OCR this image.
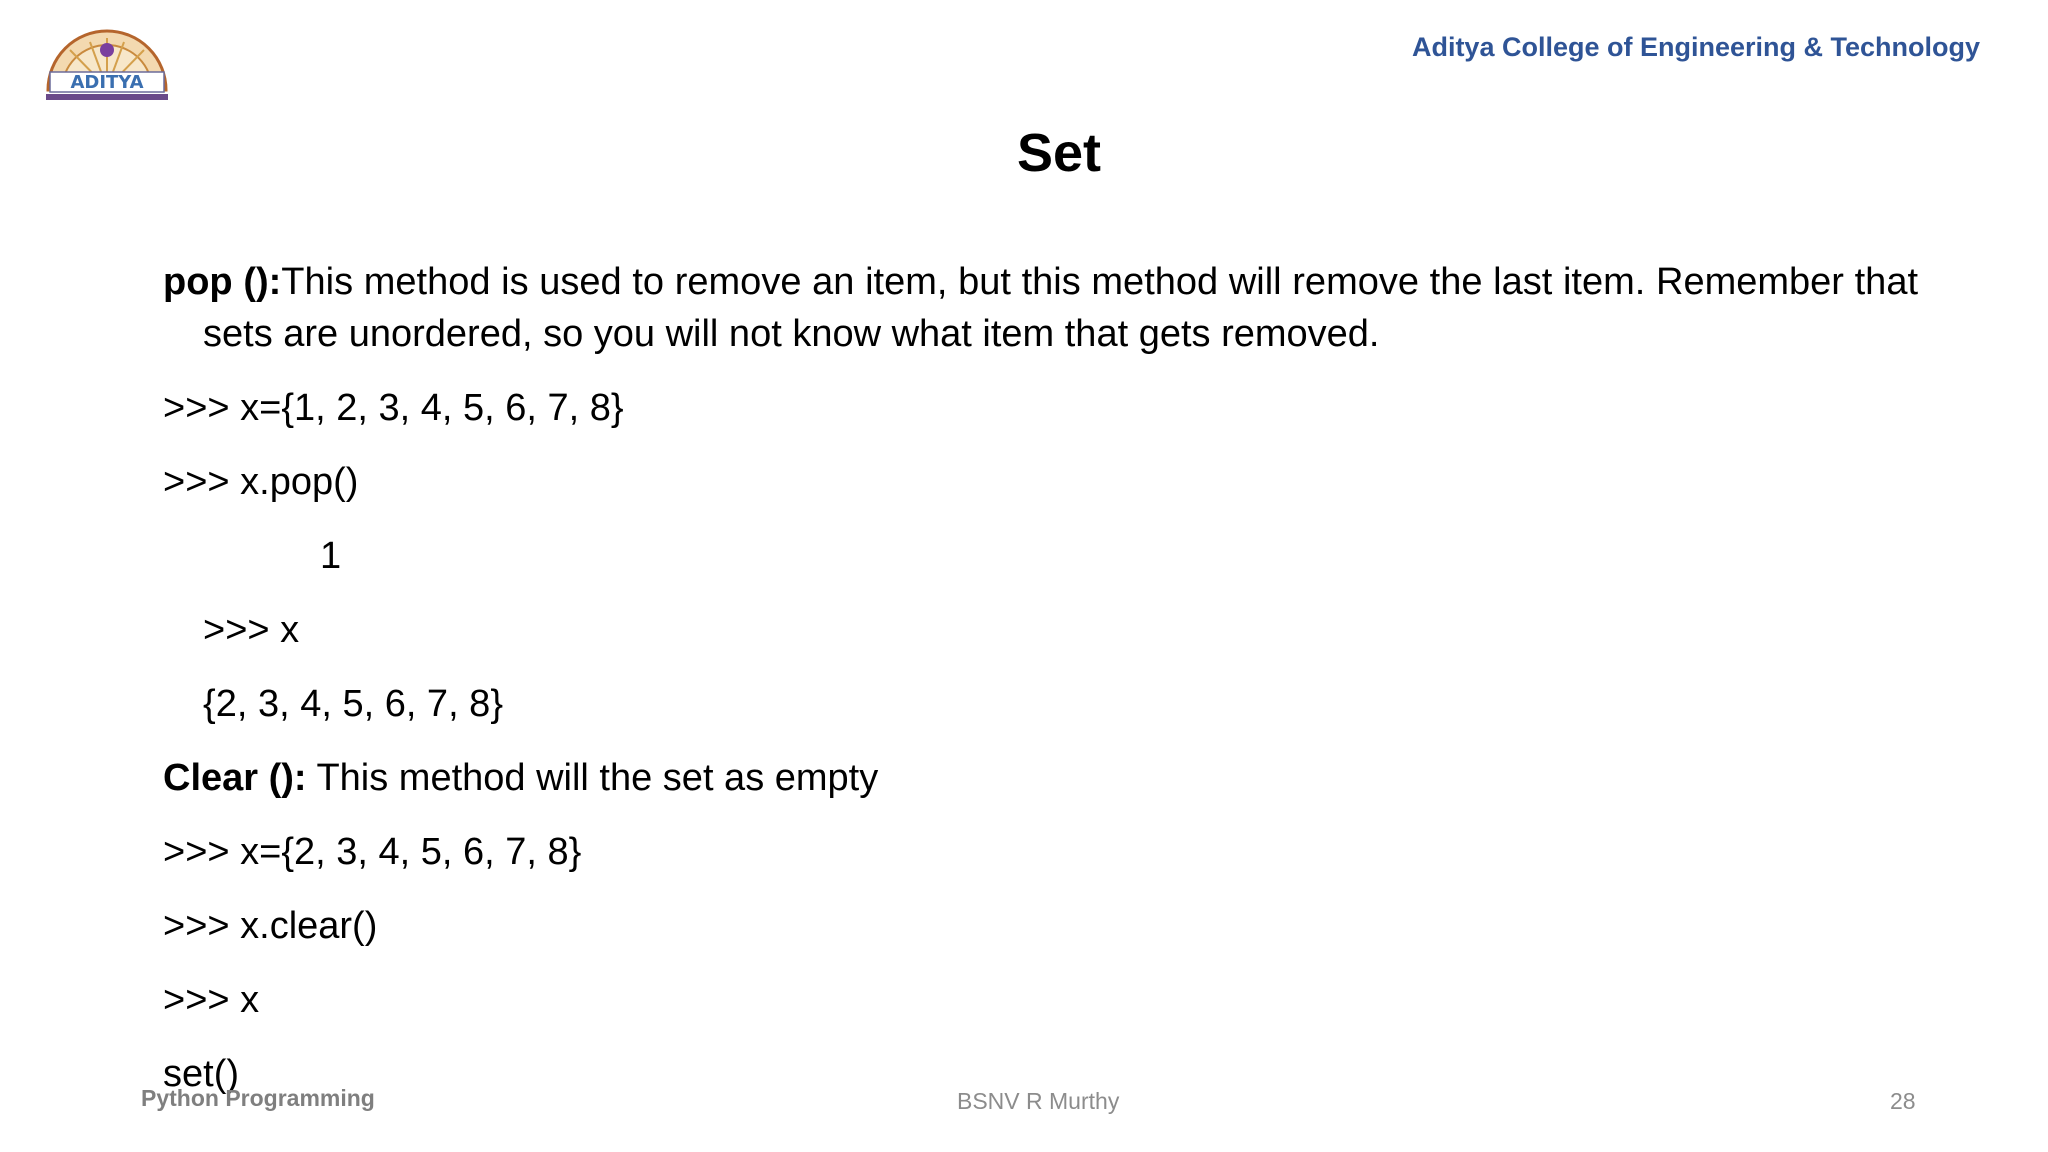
ADITYA
Aditya College of Engineering & Technology
Set

pop ():This method is used to remove an item, but this method will remove the last item. Remember that sets are unordered, so you will not know what item that gets removed.

>>> x={1, 2, 3, 4, 5, 6, 7, 8}
>>> x.pop()
1
>>> x
{2, 3, 4, 5, 6, 7, 8}
Clear (): This method will the set as empty
>>> x={2, 3, 4, 5, 6, 7, 8}
>>> x.clear()
>>> x
set()
Python Programming	BSNV R Murthy	28
